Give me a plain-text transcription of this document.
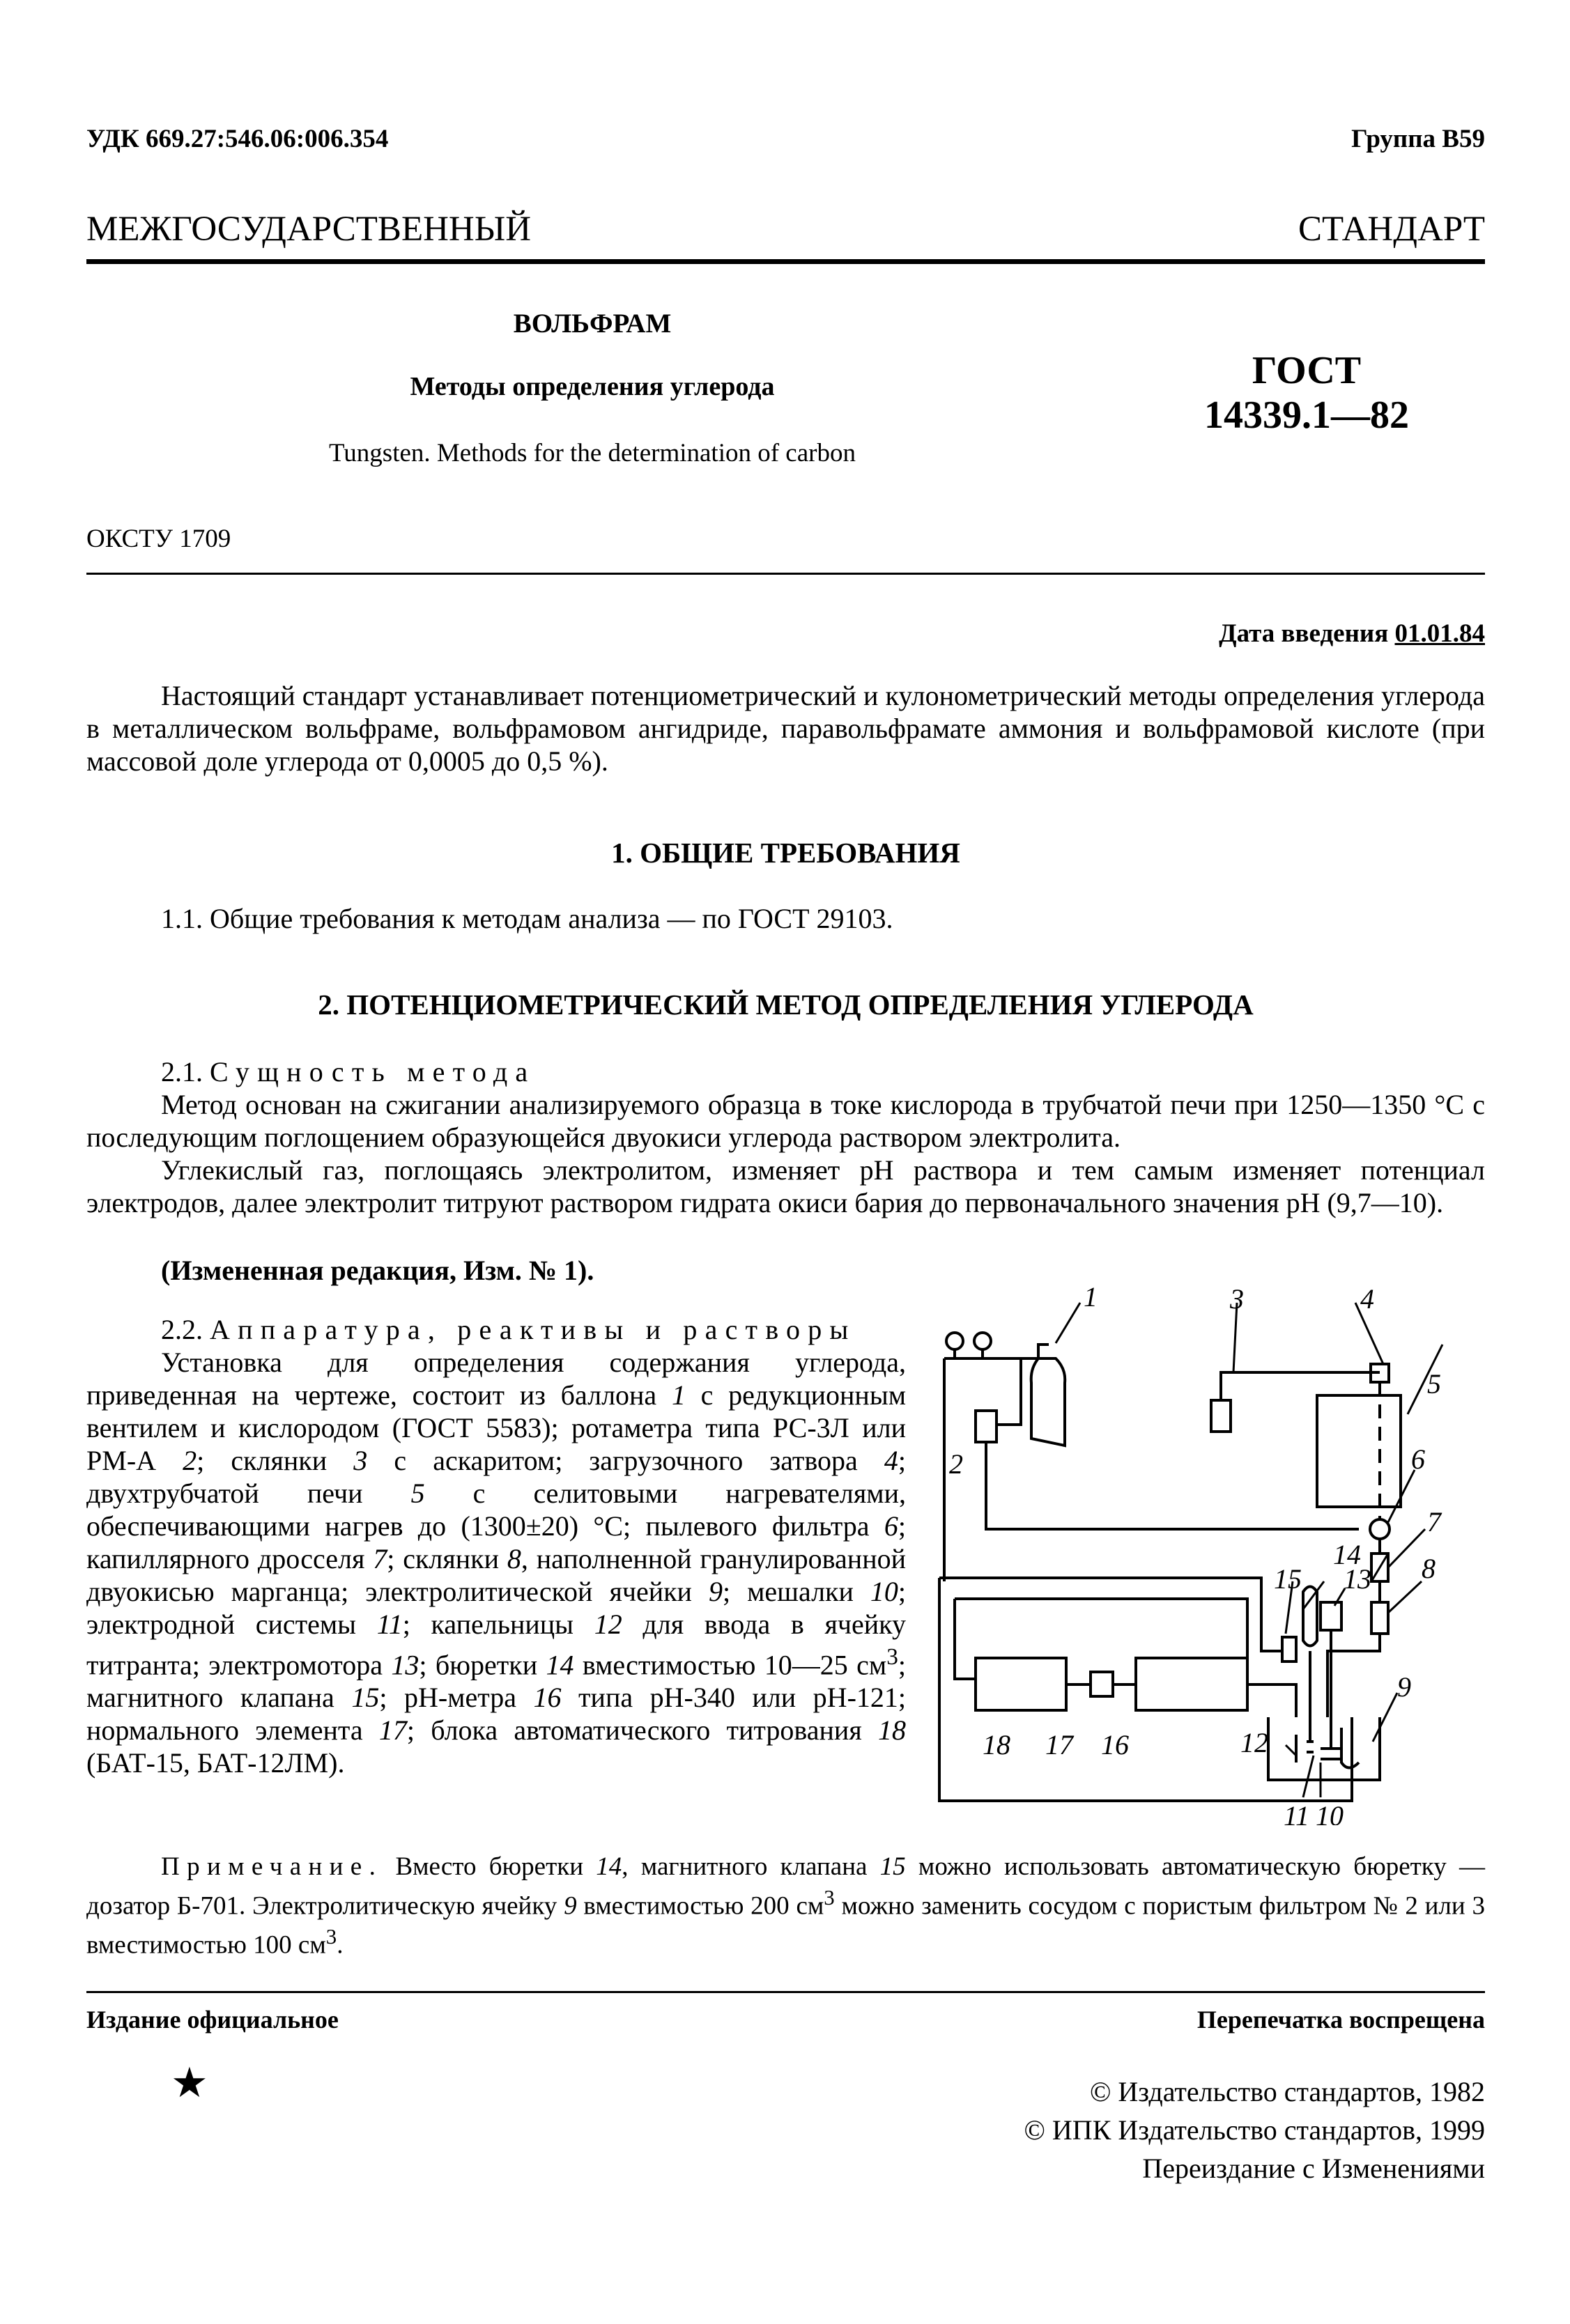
УДК 669.27:546.06:006.354	Группа В59
МЕЖГОСУДАРСТВЕННЫЙ	СТАНДАРТ
ВОЛЬФРАМ
Методы определения углерода
Tungsten. Methods for the determination of carbon
ГОСТ
14339.1—82
ОКСТУ 1709
Дата введения 01.01.84
Настоящий стандарт устанавливает потенциометрический и кулонометрический методы определения углерода в металлическом вольфраме, вольфрамовом ангидриде, паравольфрамате аммония и вольфрамовой кислоте (при массовой доле углерода от 0,0005 до 0,5 %).
1. ОБЩИЕ ТРЕБОВАНИЯ
1.1. Общие требования к методам анализа — по ГОСТ 29103.
2. ПОТЕНЦИОМЕТРИЧЕСКИЙ МЕТОД ОПРЕДЕЛЕНИЯ УГЛЕРОДА
2.1. Сущность метода
Метод основан на сжигании анализируемого образца в токе кислорода в трубчатой печи при 1250—1350 °С с последующим поглощением образующейся двуокиси углерода раствором электролита.
Углекислый газ, поглощаясь электролитом, изменяет pH раствора и тем самым изменяет потенциал электродов, далее электролит титруют раствором гидрата окиси бария до первоначального значения pH (9,7—10).
(Измененная редакция, Изм. № 1).

2.2. Аппаратура, реактивы и растворы

Установка для определения содержания углерода, приведенная на чертеже, состоит из баллона 1 с редукционным вентилем и кислородом (ГОСТ 5583); ротаметра типа РС-3Л или РМ-А 2; склянки 3 с аскаритом; загрузочного затвора 4; двухтрубчатой печи 5 с селитовыми нагревателями, обеспечивающими нагрев до (1300±20) °С; пылевого фильтра 6; капиллярного дросселя 7; склянки 8, наполненной гранулированной двуокисью марганца; электролитической ячейки 9; мешалки 10; электродной системы 11; капельницы 12 для ввода в ячейку титранта; электромотора 13; бюретки 14 вместимостью 10—25 $см^3$; магнитного клапана 15; pH-метра 16 типа pH-340 или pH-121; нормального элемента 17; блока автоматического титрования 18 (БАТ-15, БАТ-12ЛМ).

1
2
3	4
5
6
7
8
9
10
11
12
13
14
15
16
17
18
Примечание. Вместо бюретки 14, магнитного клапана 15 можно использовать автоматическую бюретку — дозатор Б-701. Электролитическую ячейку 9 вместимостью 200 $см^3$ можно заменить сосудом с пористым фильтром № 2 или 3 вместимостью 100 $см^3$.
Издание официальное	Перепечатка воспрещена
★	© Издательство стандартов, 1982
© ИПК Издательство стандартов, 1999
Переиздание с Изменениями
